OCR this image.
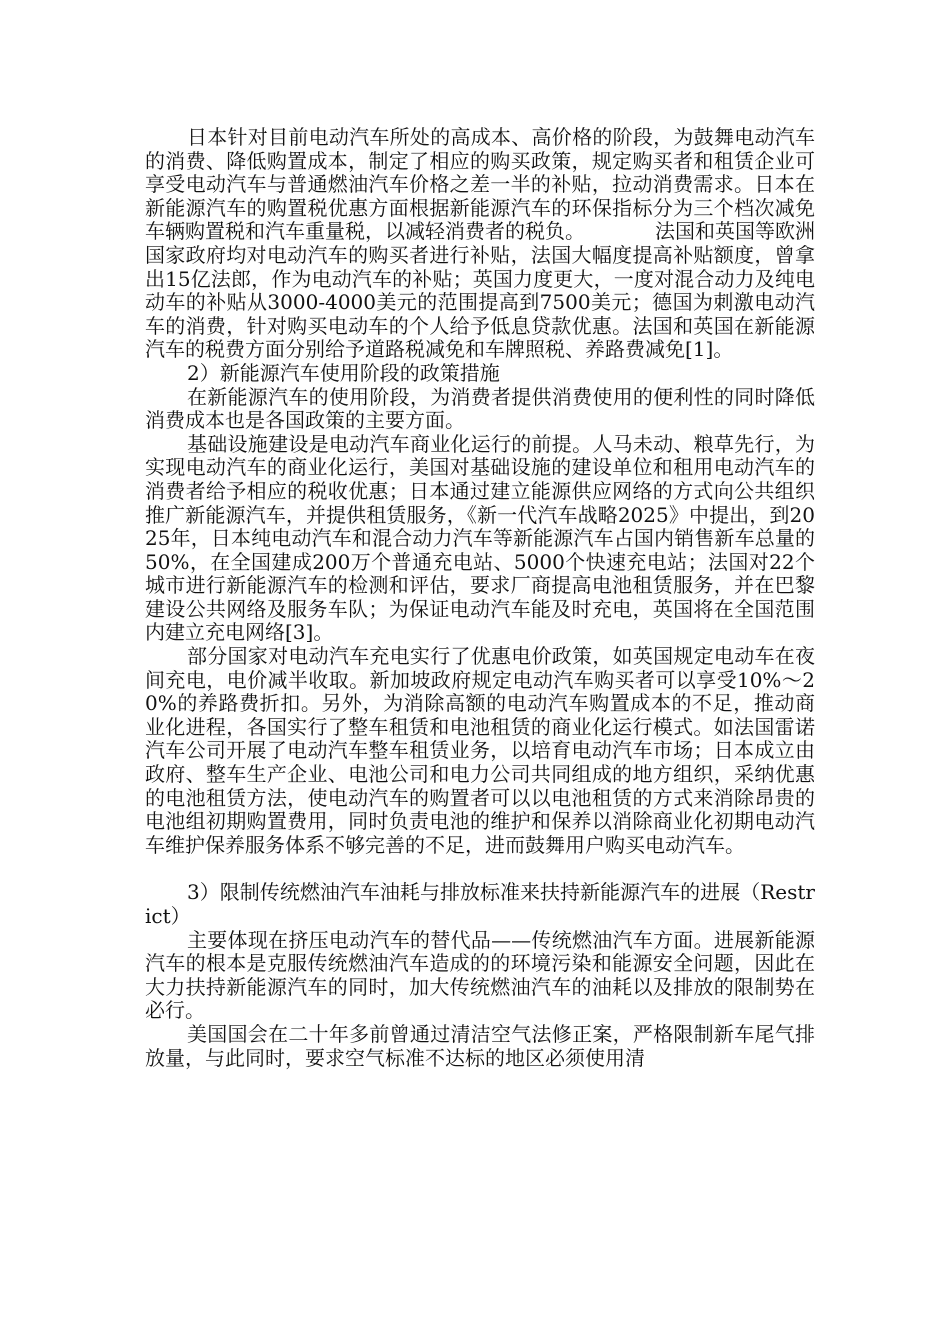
日本针对目前电动汽车所处的高成本、高价格的阶段，为鼓舞电动汽车的消费、降低购置成本，制定了相应的购买政策，规定购买者和租赁企业可享受电动汽车与普通燃油汽车价格之差一半的补贴，拉动消费需求。日本在新能源汽车的购置税优惠方面根据新能源汽车的环保指标分为三个档次减免车辆购置税和汽车重量税，以减轻消费者的税负。　　　　法国和英国等欧洲国家政府均对电动汽车的购买者进行补贴，法国大幅度提高补贴额度，曾拿出15亿法郎，作为电动汽车的补贴；英国力度更大，一度对混合动力及纯电动车的补贴从3000-4000美元的范围提高到7500美元；德国为刺激电动汽车的消费，针对购买电动车的个人给予低息贷款优惠。法国和英国在新能源汽车的税费方面分别给予道路税减免和车牌照税、养路费减免[1]。

2）新能源汽车使用阶段的政策措施

在新能源汽车的使用阶段，为消费者提供消费使用的便利性的同时降低消费成本也是各国政策的主要方面。

基础设施建设是电动汽车商业化运行的前提。人马未动、粮草先行，为实现电动汽车的商业化运行，美国对基础设施的建设单位和租用电动汽车的消费者给予相应的税收优惠；日本通过建立能源供应网络的方式向公共组织推广新能源汽车，并提供租赁服务，《新一代汽车战略2025》中提出，到2025年，日本纯电动汽车和混合动力汽车等新能源汽车占国内销售新车总量的50%，在全国建成200万个普通充电站、5000个快速充电站；法国对22个城市进行新能源汽车的检测和评估，要求厂商提高电池租赁服务，并在巴黎建设公共网络及服务车队；为保证电动汽车能及时充电，英国将在全国范围内建立充电网络[3]。

部分国家对电动汽车充电实行了优惠电价政策，如英国规定电动车在夜间充电，电价减半收取。新加坡政府规定电动汽车购买者可以享受10%～20%的养路费折扣。另外，为消除高额的电动汽车购置成本的不足，推动商业化进程，各国实行了整车租赁和电池租赁的商业化运行模式。如法国雷诺汽车公司开展了电动汽车整车租赁业务，以培育电动汽车市场；日本成立由政府、整车生产企业、电池公司和电力公司共同组成的地方组织，采纳优惠的电池租赁方法，使电动汽车的购置者可以以电池租赁的方式来消除昂贵的电池组初期购置费用，同时负责电池的维护和保养以消除商业化初期电动汽车维护保养服务体系不够完善的不足，进而鼓舞用户购买电动汽车。

3）限制传统燃油汽车油耗与排放标准来扶持新能源汽车的进展（Restrict）

主要体现在挤压电动汽车的替代品——传统燃油汽车方面。进展新能源汽车的根本是克服传统燃油汽车造成的的环境污染和能源安全问题，因此在大力扶持新能源汽车的同时，加大传统燃油汽车的油耗以及排放的限制势在必行。

美国国会在二十年多前曾通过清洁空气法修正案，严格限制新车尾气排放量，与此同时，要求空气标准不达标的地区必须使用清
